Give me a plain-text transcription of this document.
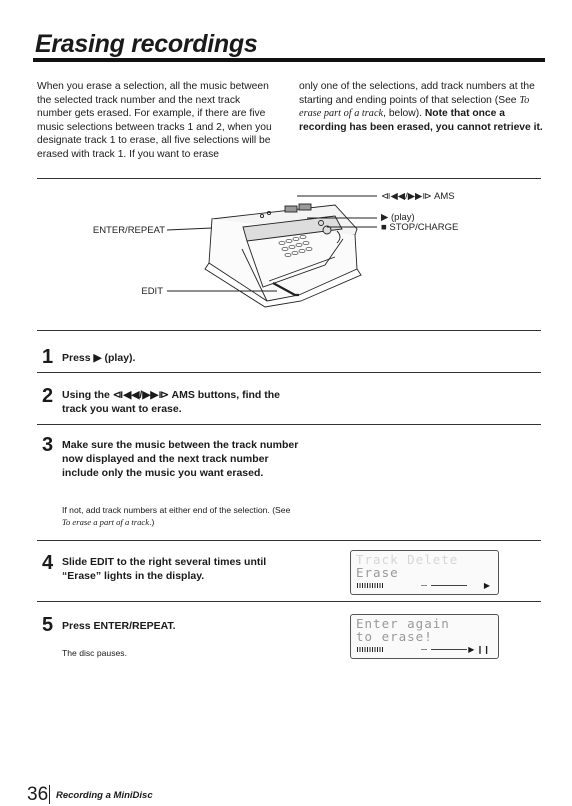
Erasing recordings
When you erase a selection, all the music between the selected track number and the next track number gets erased. For example, if there are five music selections between tracks 1 and 2, when you designate track 1 to erase, all five selections will be erased with track 1. If you want to erase
only one of the selections, add track numbers at the starting and ending points of that selection (See To erase part of a track, below). Note that once a recording has been erased, you cannot retrieve it.
⧏◀◀/▶▶⧐ AMS
▶ (play)
■ STOP/CHARGE
ENTER/REPEAT
EDIT
1 Press ▶ (play).
2 Using the ⧏◀◀/▶▶⧐ AMS buttons, find the track you want to erase.
3 Make sure the music between the track number now displayed and the next track number include only the music you want erased.
If not, add track numbers at either end of the selection. (See To erase a part of a track.)
4 Slide EDIT to the right several times until “Erase” lights in the display.
Track Delete
Erase
▶
5 Press ENTER/REPEAT.
The disc pauses.
Enter again
to erase!
▶ ❙❙
36 Recording a MiniDisc
